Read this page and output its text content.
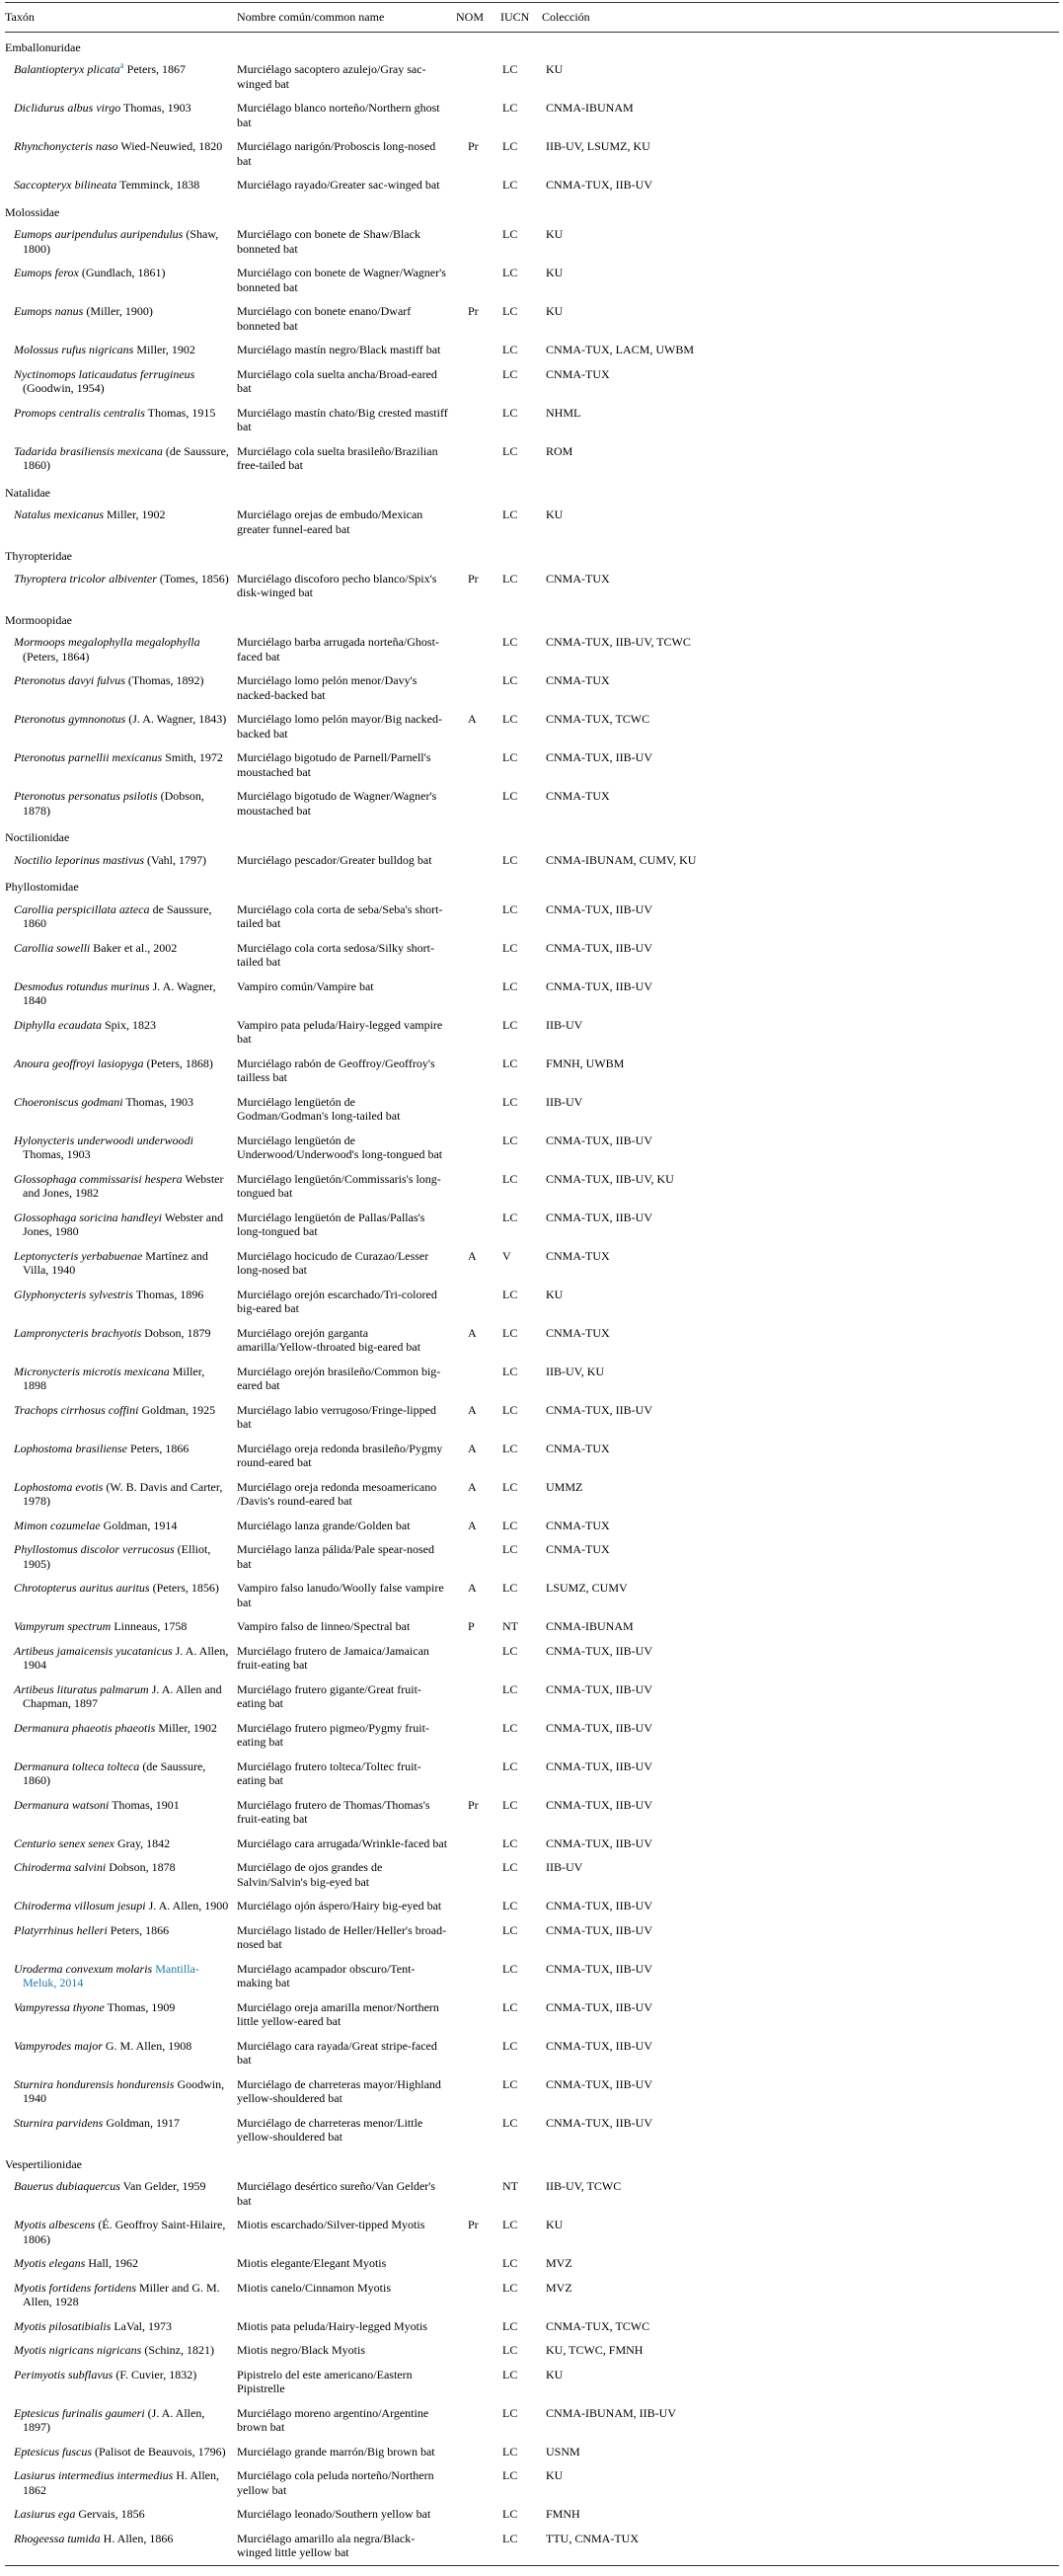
Taxón	Nombre común/common name	NOM	IUCN	Colección
Emballonuridae				

Balantiopteryx plicata$^a$ Peters, 1867	Murciélago sacoptero azulejo/Gray sac-winged bat		LC	KU

Diclidurus albus virgo Thomas, 1903	Murciélago blanco norteño/Northern ghost bat		LC	CNMA-IBUNAM

Rhynchonycteris naso Wied-Neuwied, 1820	Murciélago narigón/Proboscis long-nosed bat	Pr	LC	IIB-UV, LSUMZ, KU

Saccopteryx bilineata Temminck, 1838	Murciélago rayado/Greater sac-winged bat		LC	CNMA-TUX, IIB-UV
Molossidae				

Eumops auripendulus auripendulus (Shaw, 1800)	Murciélago con bonete de Shaw/Black bonneted bat		LC	KU

Eumops ferox (Gundlach, 1861)	Murciélago con bonete de Wagner/Wagner's bonneted bat		LC	KU

Eumops nanus (Miller, 1900)	Murciélago con bonete enano/Dwarf bonneted bat	Pr	LC	KU

Molossus rufus nigricans Miller, 1902	Murciélago mastín negro/Black mastiff bat		LC	CNMA-TUX, LACM, UWBM

Nyctinomops laticaudatus ferrugineus (Goodwin, 1954)	Murciélago cola suelta ancha/Broad-eared bat		LC	CNMA-TUX

Promops centralis centralis Thomas, 1915	Murciélago mastín chato/Big crested mastiff bat		LC	NHML

Tadarida brasiliensis mexicana (de Saussure, 1860)	Murciélago cola suelta brasileño/Brazilian free-tailed bat		LC	ROM
Natalidae				

Natalus mexicanus Miller, 1902	Murciélago orejas de embudo/Mexican greater funnel-eared bat		LC	KU
Thyropteridae				

Thyroptera tricolor albiventer (Tomes, 1856)	Murciélago discoforo pecho blanco/Spix's disk-winged bat	Pr	LC	CNMA-TUX
Mormoopidae				

Mormoops megalophylla megalophylla (Peters, 1864)	Murciélago barba arrugada norteña/Ghost-faced bat		LC	CNMA-TUX, IIB-UV, TCWC

Pteronotus davyi fulvus (Thomas, 1892)	Murciélago lomo pelón menor/Davy's nacked-backed bat		LC	CNMA-TUX

Pteronotus gymnonotus (J. A. Wagner, 1843)	Murciélago lomo pelón mayor/Big nacked-backed bat	A	LC	CNMA-TUX, TCWC

Pteronotus parnellii mexicanus Smith, 1972	Murciélago bigotudo de Parnell/Parnell's moustached bat		LC	CNMA-TUX, IIB-UV

Pteronotus personatus psilotis (Dobson, 1878)	Murciélago bigotudo de Wagner/Wagner's moustached bat		LC	CNMA-TUX
Noctilionidae				

Noctilio leporinus mastivus (Vahl, 1797)	Murciélago pescador/Greater bulldog bat		LC	CNMA-IBUNAM, CUMV, KU
Phyllostomidae				

Carollia perspicillata azteca de Saussure, 1860	Murciélago cola corta de seba/Seba's short-tailed bat		LC	CNMA-TUX, IIB-UV

Carollia sowelli Baker et al., 2002	Murciélago cola corta sedosa/Silky short-tailed bat		LC	CNMA-TUX, IIB-UV

Desmodus rotundus murinus J. A. Wagner, 1840	Vampiro común/Vampire bat		LC	CNMA-TUX, IIB-UV

Diphylla ecaudata Spix, 1823	Vampiro pata peluda/Hairy-legged vampire bat		LC	IIB-UV

Anoura geoffroyi lasiopyga (Peters, 1868)	Murciélago rabón de Geoffroy/Geoffroy's tailless bat		LC	FMNH, UWBM

Choeroniscus godmani Thomas, 1903	Murciélago lengüetón de Godman/Godman's long-tailed bat		LC	IIB-UV

Hylonycteris underwoodi underwoodi Thomas, 1903	Murciélago lengüetón de Underwood/Underwood's long-tongued bat		LC	CNMA-TUX, IIB-UV

Glossophaga commissarisi hespera Webster and Jones, 1982	Murciélago lengüetón/Commissaris's long-tongued bat		LC	CNMA-TUX, IIB-UV, KU

Glossophaga soricina handleyi Webster and Jones, 1980	Murciélago lengüetón de Pallas/Pallas's long-tongued bat		LC	CNMA-TUX, IIB-UV

Leptonycteris yerbabuenae Martínez and Villa, 1940	Murciélago hocicudo de Curazao/Lesser long-nosed bat	A	V	CNMA-TUX

Glyphonycteris sylvestris Thomas, 1896	Murciélago orejón escarchado/Tri-colored big-eared bat		LC	KU

Lampronycteris brachyotis Dobson, 1879	Murciélago orejón garganta amarilla/Yellow-throated big-eared bat	A	LC	CNMA-TUX

Micronycteris microtis mexicana Miller, 1898	Murciélago orejón brasileño/Common big-eared bat		LC	IIB-UV, KU

Trachops cirrhosus coffini Goldman, 1925	Murciélago labio verrugoso/Fringe-lipped bat	A	LC	CNMA-TUX, IIB-UV

Lophostoma brasiliense Peters, 1866	Murciélago oreja redonda brasileño/Pygmy round-eared bat	A	LC	CNMA-TUX

Lophostoma evotis (W. B. Davis and Carter, 1978)	Murciélago oreja redonda mesoamericano /Davis's round-eared bat	A	LC	UMMZ

Mimon cozumelae Goldman, 1914	Murciélago lanza grande/Golden bat	A	LC	CNMA-TUX

Phyllostomus discolor verrucosus (Elliot, 1905)	Murciélago lanza pálida/Pale spear-nosed bat		LC	CNMA-TUX

Chrotopterus auritus auritus (Peters, 1856)	Vampiro falso lanudo/Woolly false vampire bat	A	LC	LSUMZ, CUMV

Vampyrum spectrum Linneaus, 1758	Vampiro falso de linneo/Spectral bat	P	NT	CNMA-IBUNAM

Artibeus jamaicensis yucatanicus J. A. Allen, 1904	Murciélago frutero de Jamaica/Jamaican fruit-eating bat		LC	CNMA-TUX, IIB-UV

Artibeus lituratus palmarum J. A. Allen and Chapman, 1897	Murciélago frutero gigante/Great fruit-eating bat		LC	CNMA-TUX, IIB-UV

Dermanura phaeotis phaeotis Miller, 1902	Murciélago frutero pigmeo/Pygmy fruit-eating bat		LC	CNMA-TUX, IIB-UV

Dermanura tolteca tolteca (de Saussure, 1860)	Murciélago frutero tolteca/Toltec fruit-eating bat		LC	CNMA-TUX, IIB-UV

Dermanura watsoni Thomas, 1901	Murciélago frutero de Thomas/Thomas's fruit-eating bat	Pr	LC	CNMA-TUX, IIB-UV

Centurio senex senex Gray, 1842	Murciélago cara arrugada/Wrinkle-faced bat		LC	CNMA-TUX, IIB-UV

Chiroderma salvini Dobson, 1878	Murciélago de ojos grandes de Salvin/Salvin's big-eyed bat		LC	IIB-UV

Chiroderma villosum jesupi J. A. Allen, 1900	Murciélago ojón áspero/Hairy big-eyed bat		LC	CNMA-TUX, IIB-UV

Platyrrhinus helleri Peters, 1866	Murciélago listado de Heller/Heller's broad-nosed bat		LC	CNMA-TUX, IIB-UV

Uroderma convexum molaris Mantilla-Meluk, 2014	Murciélago acampador obscuro/Tent-making bat		LC	CNMA-TUX, IIB-UV

Vampyressa thyone Thomas, 1909	Murciélago oreja amarilla menor/Northern little yellow-eared bat		LC	CNMA-TUX, IIB-UV

Vampyrodes major G. M. Allen, 1908	Murciélago cara rayada/Great stripe-faced bat		LC	CNMA-TUX, IIB-UV

Sturnira hondurensis hondurensis Goodwin, 1940	Murciélago de charreteras mayor/Highland yellow-shouldered bat		LC	CNMA-TUX, IIB-UV

Sturnira parvidens Goldman, 1917	Murciélago de charreteras menor/Little yellow-shouldered bat		LC	CNMA-TUX, IIB-UV
Vespertilionidae				

Bauerus dubiaquercus Van Gelder, 1959	Murciélago desértico sureño/Van Gelder's bat		NT	IIB-UV, TCWC

Myotis albescens (É. Geoffroy Saint-Hilaire, 1806)	Miotis escarchado/Silver-tipped Myotis	Pr	LC	KU

Myotis elegans Hall, 1962	Miotis elegante/Elegant Myotis		LC	MVZ

Myotis fortidens fortidens Miller and G. M. Allen, 1928	Miotis canelo/Cinnamon Myotis		LC	MVZ

Myotis pilosatibialis LaVal, 1973	Miotis pata peluda/Hairy-legged Myotis		LC	CNMA-TUX, TCWC

Myotis nigricans nigricans (Schinz, 1821)	Miotis negro/Black Myotis		LC	KU, TCWC, FMNH

Perimyotis subflavus (F. Cuvier, 1832)	Pipistrelo del este americano/Eastern Pipistrelle		LC	KU

Eptesicus furinalis gaumeri (J. A. Allen, 1897)	Murciélago moreno argentino/Argentine brown bat		LC	CNMA-IBUNAM, IIB-UV

Eptesicus fuscus (Palisot de Beauvois, 1796)	Murciélago grande marrón/Big brown bat		LC	USNM

Lasiurus intermedius intermedius H. Allen, 1862	Murciélago cola peluda norteño/Northern yellow bat		LC	KU

Lasiurus ega Gervais, 1856	Murciélago leonado/Southern yellow bat		LC	FMNH

Rhogeessa tumida H. Allen, 1866	Murciélago amarillo ala negra/Black-winged little yellow bat		LC	TTU, CNMA-TUX
